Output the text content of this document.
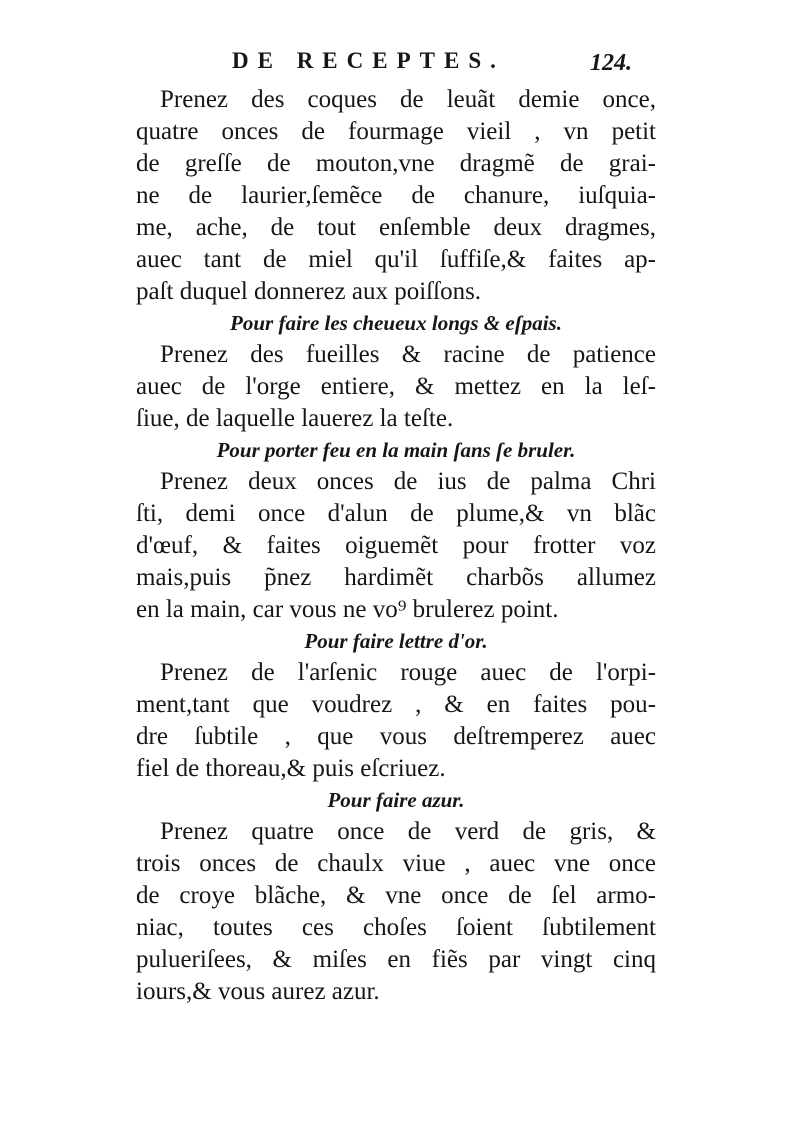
DE RECEPTES.	124.
Prenez des coques de leuãt demie once,
quatre onces de fourmage vieil , vn petit
de greſſe de mouton,vne dragmẽ de grai-
ne de laurier,ſemẽce de chanure, iuſquia-
me, ache, de tout enſemble deux dragmes,
auec tant de miel qu'il ſuffiſe,& faites ap-
paſt duquel donnerez aux poiſſons.
Pour faire les cheueux longs & eſpais.
Prenez des fueilles & racine de patience
auec de l'orge entiere, & mettez en la leſ-
ſiue, de laquelle lauerez la teſte.
Pour porter feu en la main ſans ſe bruler.
Prenez deux onces de ius de palma Chri
ſti, demi once d'alun de plume,& vn blãc
d'œuf, & faites oiguemẽt pour frotter voz
mais,puis p̃nez hardimẽt charbõs allumez
en la main, car vous ne vo⁹ brulerez point.
Pour faire lettre d'or.
Prenez de l'arſenic rouge auec de l'orpi-
ment,tant que voudrez , & en faites pou-
dre ſubtile , que vous deſtremperez auec
fiel de thoreau,& puis eſcriuez.
Pour faire azur.
Prenez quatre once de verd de gris, &
trois onces de chaulx viue , auec vne once
de croye blãche, & vne once de ſel armo-
niac, toutes ces choſes ſoient ſubtilement
pulueriſees, & miſes en fiẽs par vingt cinq
iours,& vous aurez azur.
